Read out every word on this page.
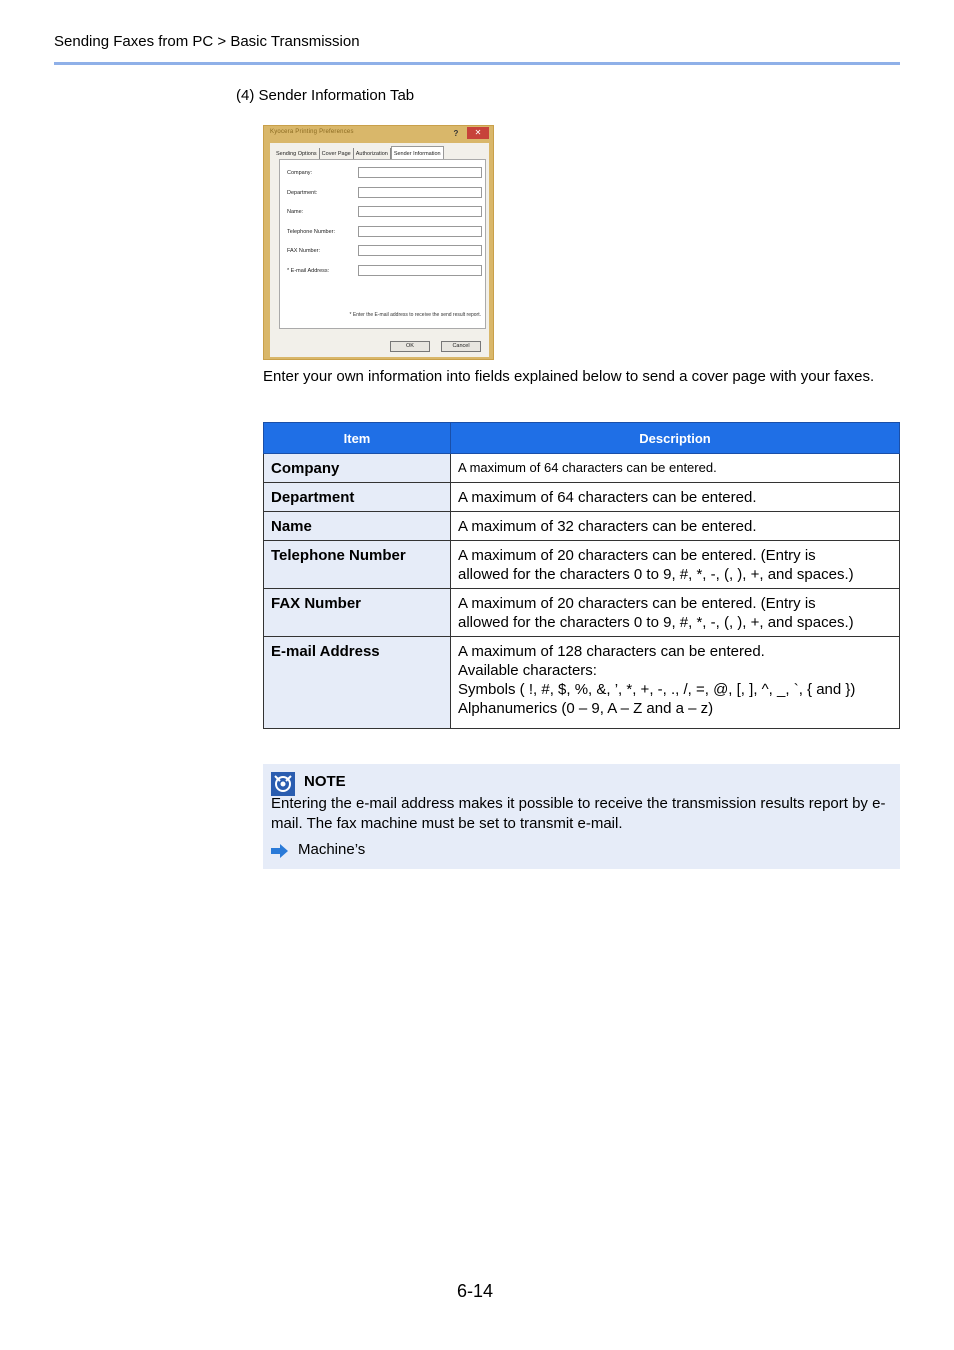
Sending Faxes from PC > Basic Transmission
(4) Sender Information Tab
Kyocera Printing Preferences	?	✕
Sending Options Cover Page Authorization	Sender Information
Company:
Department:
Name:
Telephone Number:
FAX Number:
* E-mail Address:
* Enter the E-mail address to receive the send result report.
OK	Cancel

Enter your own information into fields explained below to send a cover page with your faxes.

Item	Description
Company	A maximum of 64 characters can be entered.

Department	A maximum of 64 characters can be entered.

Name	A maximum of 32 characters can be entered.

Telephone Number	A maximum of 20 characters can be entered. (Entry is
allowed for the characters 0 to 9, #, *, -, (, ), +, and spaces.)

FAX Number	A maximum of 20 characters can be entered. (Entry is
allowed for the characters 0 to 9, #, *, -, (, ), +, and spaces.)

E-mail Address	A maximum of 128 characters can be entered.
Available characters:
Symbols ( !, #, $, %, &, ’, *, +, -, ., /, =, @, [, ], ^, _, `, { and })
Alphanumerics (0 – 9, A – Z and a – z)
NOTE

Entering the e-mail address makes it possible to receive the transmission results report by e-mail. The fax machine must be set to transmit e-mail.

Machine’s
6-14
